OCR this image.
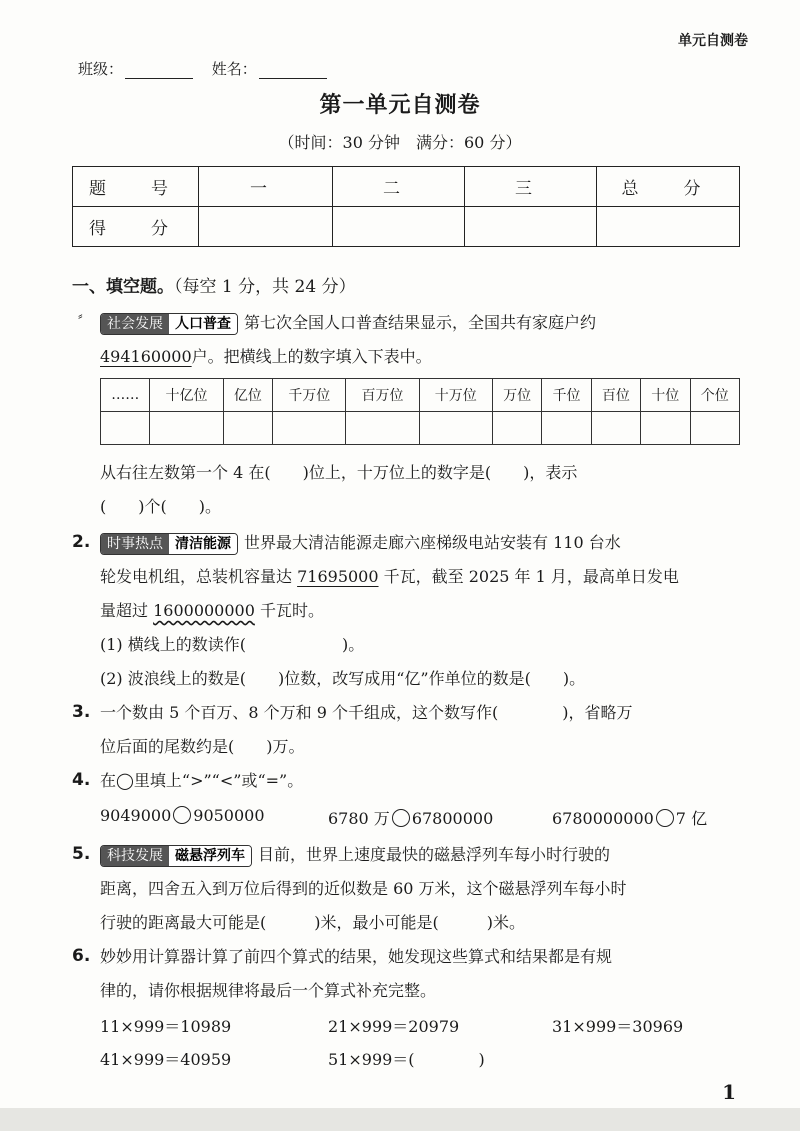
单元自测卷
班级：	姓名：
第一单元自测卷
（时间：30 分钟　满分：60 分）
题　号	一	二	三	总　分
得　分				
一、填空题。（每空 1 分，共 24 分）
⸗	社会发展 人口普查 第七次全国人口普查结果显示，全国共有家庭户约
494160000户。把横线上的数字填入下表中。
……	十亿位	亿位	千万位	百万位	十万位	万位	千位	百位	十位	个位

从右往左数第一个 4 在(　　)位上，十万位上的数字是(　　)，表示
(　　)个(　　)。
2.	时事热点 清洁能源 世界最大清洁能源走廊六座梯级电站安装有 110 台水
轮发电机组，总装机容量达 71695000 千瓦，截至 2025 年 1 月，最高单日发电
量超过 1600000000 千瓦时。
(1) 横线上的数读作(　　　　　　)。
(2) 波浪线上的数是(　　)位数，改写成用“亿”作单位的数是(　　)。
3. 一个数由 5 个百万、8 个万和 9 个千组成，这个数写作(　　　　)，省略万
位后面的尾数约是(　　)万。
4. 在◯里填上“>”“<”或“=”。
9049000 9050000	6780 万 67800000	6780000000 7 亿
5.	科技发展 磁悬浮列车 目前，世界上速度最快的磁悬浮列车每小时行驶的
距离，四舍五入到万位后得到的近似数是 60 万米，这个磁悬浮列车每小时
行驶的距离最大可能是(　　　)米，最小可能是(　　　)米。
6. 妙妙用计算器计算了前四个算式的结果，她发现这些算式和结果都是有规
律的，请你根据规律将最后一个算式补充完整。
11×999＝10989	21×999＝20979	31×999＝30969
41×999＝40959	51×999＝(　　　　)
1
